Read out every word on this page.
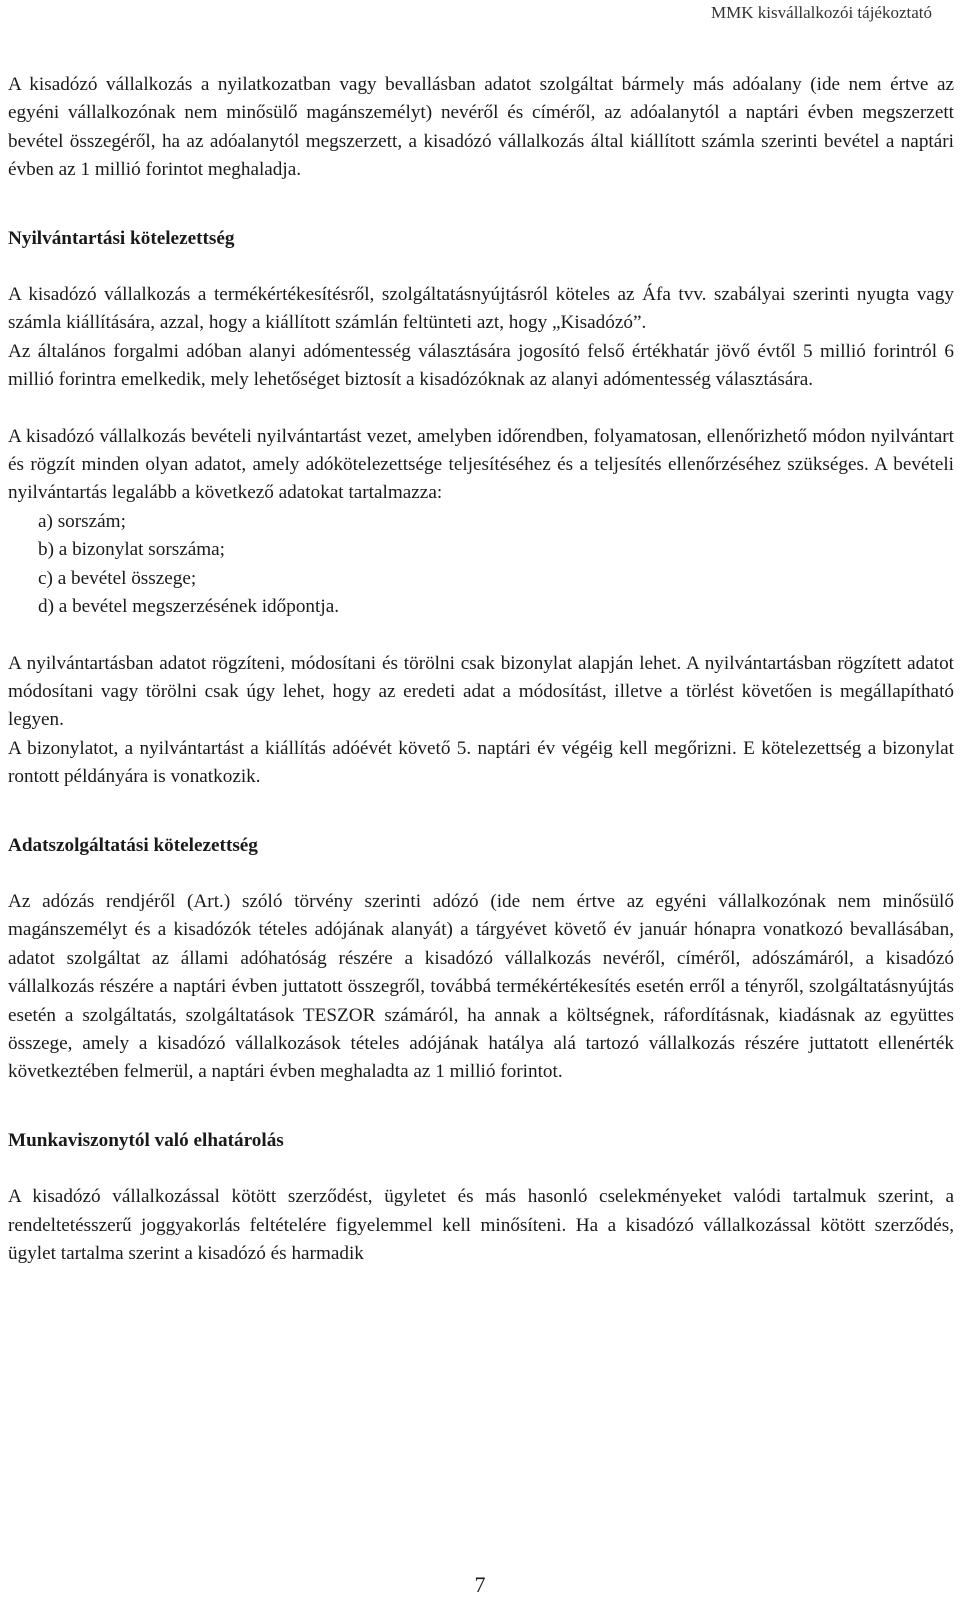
MMK kisvállalkozói tájékoztató

A kisadózó vállalkozás a nyilatkozatban vagy bevallásban adatot szolgáltat bármely más adóalany (ide nem értve az egyéni vállalkozónak nem minősülő magánszemélyt) nevéről és címéről, az adóalanytól a naptári évben megszerzett bevétel összegéről, ha az adóalanytól megszerzett, a kisadózó vállalkozás által kiállított számla szerinti bevétel a naptári évben az 1 millió forintot meghaladja.

Nyilvántartási kötelezettség

A kisadózó vállalkozás a termékértékesítésről, szolgáltatásnyújtásról köteles az Áfa tvv. szabályai szerinti nyugta vagy számla kiállítására, azzal, hogy a kiállított számlán feltünteti azt, hogy „Kisadózó”.

Az általános forgalmi adóban alanyi adómentesség választására jogosító felső értékhatár jövő évtől 5 millió forintról 6 millió forintra emelkedik, mely lehetőséget biztosít a kisadózóknak az alanyi adómentesség választására.

A kisadózó vállalkozás bevételi nyilvántartást vezet, amelyben időrendben, folyamatosan, ellenőrizhető módon nyilvántart és rögzít minden olyan adatot, amely adókötelezettsége teljesítéséhez és a teljesítés ellenőrzéséhez szükséges. A bevételi nyilvántartás legalább a következő adatokat tartalmazza:

a) sorszám;
b) a bizonylat sorszáma;
c) a bevétel összege;
d) a bevétel megszerzésének időpontja.

A nyilvántartásban adatot rögzíteni, módosítani és törölni csak bizonylat alapján lehet. A nyilvántartásban rögzített adatot módosítani vagy törölni csak úgy lehet, hogy az eredeti adat a módosítást, illetve a törlést követően is megállapítható legyen.

A bizonylatot, a nyilvántartást a kiállítás adóévét követő 5. naptári év végéig kell megőrizni. E kötelezettség a bizonylat rontott példányára is vonatkozik.

Adatszolgáltatási kötelezettség

Az adózás rendjéről (Art.) szóló törvény szerinti adózó (ide nem értve az egyéni vállalkozónak nem minősülő magánszemélyt és a kisadózók tételes adójának alanyát) a tárgyévet követő év január hónapra vonatkozó bevallásában, adatot szolgáltat az állami adóhatóság részére a kisadózó vállalkozás nevéről, címéről, adószámáról, a kisadózó vállalkozás részére a naptári évben juttatott összegről, továbbá termékértékesítés esetén erről a tényről, szolgáltatásnyújtás esetén a szolgáltatás, szolgáltatások TESZOR számáról, ha annak a költségnek, ráfordításnak, kiadásnak az együttes összege, amely a kisadózó vállalkozások tételes adójának hatálya alá tartozó vállalkozás részére juttatott ellenérték következtében felmerül, a naptári évben meghaladta az 1 millió forintot.

Munkaviszonytól való elhatárolás

A kisadózó vállalkozással kötött szerződést, ügyletet és más hasonló cselekményeket valódi tartalmuk szerint, a rendeltetésszerű joggyakorlás feltételére figyelemmel kell minősíteni. Ha a kisadózó vállalkozással kötött szerződés, ügylet tartalma szerint a kisadózó és harmadik

7
